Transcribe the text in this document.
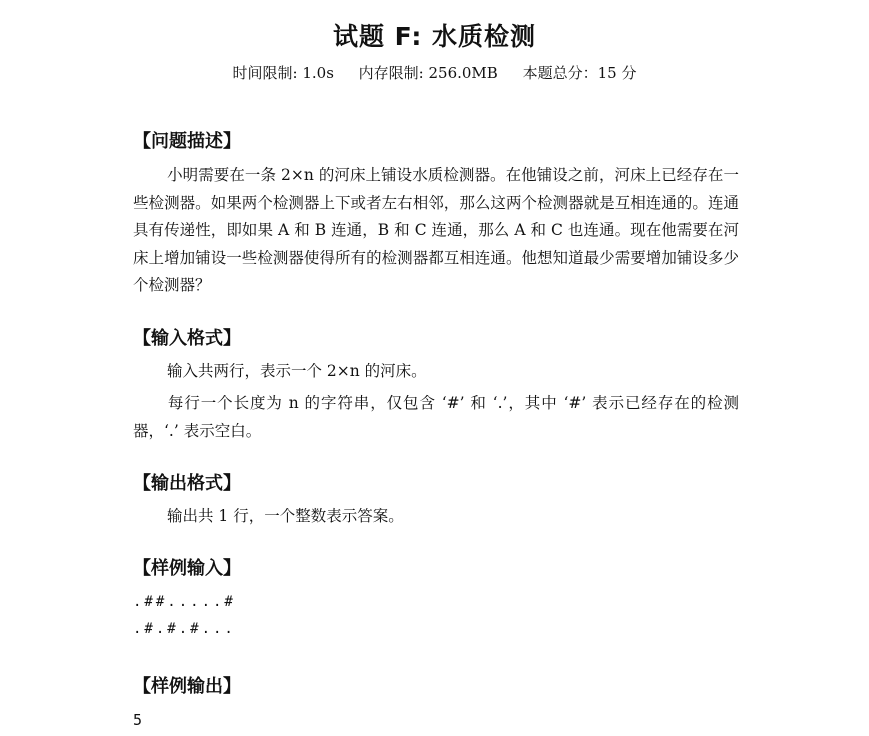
试题 F: 水质检测
时间限制: 1.0s 内存限制: 256.0MB 本题总分：15 分
【问题描述】
小明需要在一条 2×n 的河床上铺设水质检测器。在他铺设之前，河床上已经存在一些检测器。如果两个检测器上下或者左右相邻，那么这两个检测器就是互相连通的。连通具有传递性，即如果 A 和 B 连通，B 和 C 连通，那么 A 和 C 也连通。现在他需要在河床上增加铺设一些检测器使得所有的检测器都互相连通。他想知道最少需要增加铺设多少个检测器？
【输入格式】
输入共两行，表示一个 2×n 的河床。
每行一个长度为 n 的字符串，仅包含 ‘#’ 和 ‘.’，其中 ‘#’ 表示已经存在的检测器，‘.’ 表示空白。
【输出格式】
输出共 1 行，一个整数表示答案。
【样例输入】
.##.....#
.#.#.#...
【样例输出】
5
